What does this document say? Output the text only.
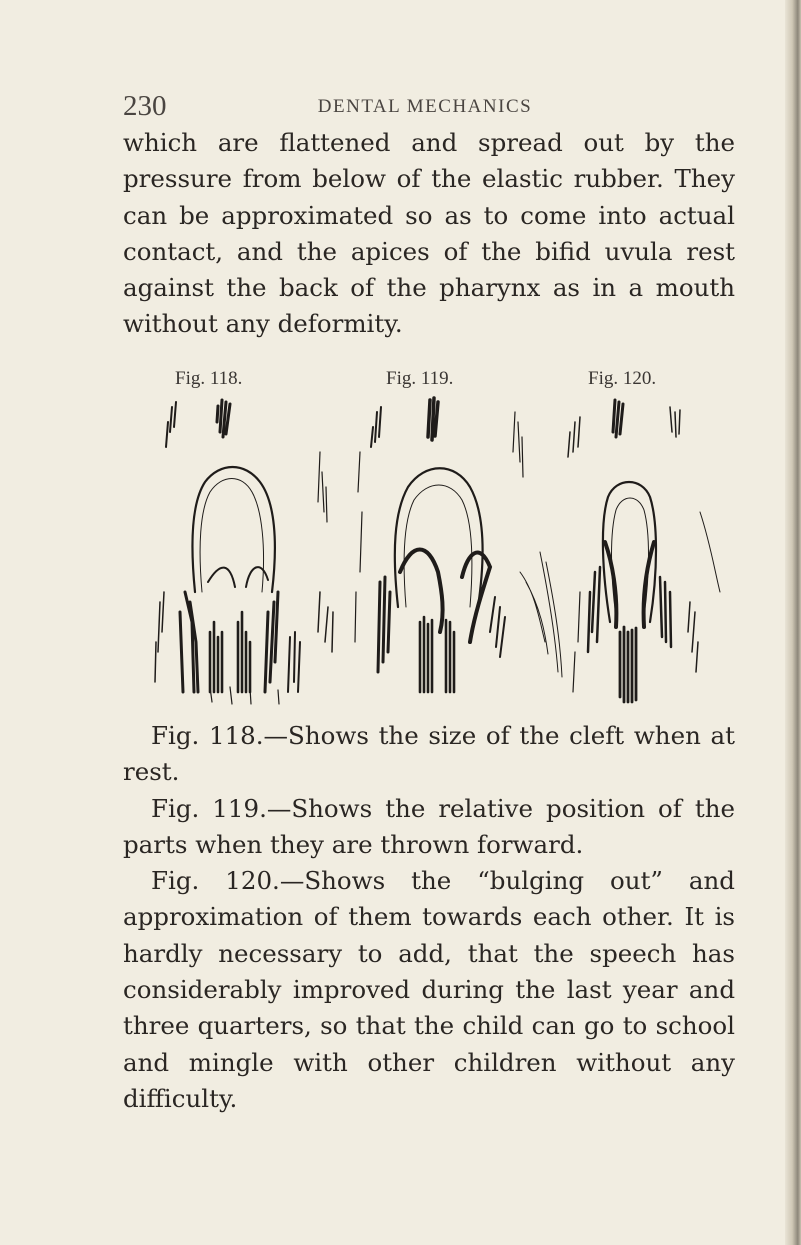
230	DENTAL MECHANICS

which are flattened and spread out by the pressure from below of the elastic rubber. They can be approximated so as to come into actual contact, and the apices of the bifid uvula rest against the back of the pharynx as in a mouth without any deformity.

Fig. 118.	Fig. 119.	Fig. 120.

Fig. 118.—Shows the size of the cleft when at rest.

Fig. 119.—Shows the relative position of the parts when they are thrown forward.

Fig. 120.—Shows the “bulging out” and approximation of them towards each other. It is hardly necessary to add, that the speech has considerably improved during the last year and three quarters, so that the child can go to school and mingle with other children without any difficulty.
